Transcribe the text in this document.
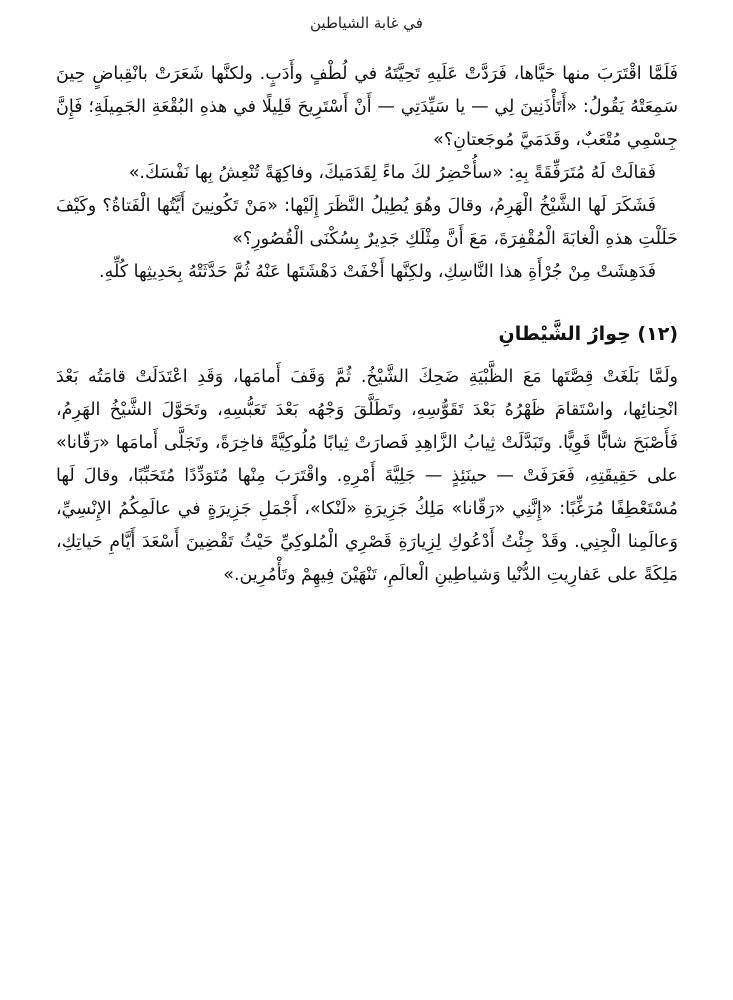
في غابة الشياطين

فَلَمَّا اقْتَرَبَ منها حَيَّاها، فَرَدَّتْ عَلَيهِ تَحِيَّتَهُ في لُطْفٍ وأَدَبٍ. ولكنَّها شَعَرَتْ بانْقِباضٍ حِينَ سَمِعَتْهُ يَقُولُ: «أَتَأْذَنِينَ لِي — يا سَيِّدَتِي — أَنْ أَسْتَرِيحَ قَلِيلًا في هذهِ البُقْعَةِ الجَمِيلَةِ؛ فَإِنَّ جِسْمِي مُتْعَبٌ، وقَدَمَيَّ مُوجَعتانِ؟»

فَقالَتْ لَهُ مُتَرَفِّقَةً بِهِ: «سأُحْضِرُ لكَ ماءً لِقَدَمَيكَ، وفاكِهَةً تُنْعِشُ بِها نَفْسَكَ.»

فَشَكَرَ لَها الشَّيْخُ الْهَرِمُ، وقالَ وهُوَ يُطِيلُ النَّظَرَ إِلَيْها: «مَنْ تَكُونِينَ أَيَّتُها الْفَتاةُ؟ وكَيْفَ حَلَلْتِ هذهِ الْغابَةَ الْمُقْفِرَةَ، مَعَ أَنَّ مِثْلَكِ جَدِيرٌ بِسُكْنَى الْقُصُورِ؟»

فَدَهِشَتْ مِنْ جُرْأَةِ هذا النَّاسِكِ، ولكِنَّها أَخْفَتْ دَهْشَتَها عَنْهُ ثُمَّ حَدَّثَتْهُ بِحَدِيثِها كُلِّهِ.

(١٢) حِوارُ الشَّيْطانِ

ولَمَّا بَلَغَتْ قِصَّتَها مَعَ الظَّبْيَةِ ضَحِكَ الشَّيْخُ. ثُمَّ وَقَفَ أَمامَها، وَقَدِ اعْتَدَلَتْ قامَتُه بَعْدَ انْحِنائِها، واسْتَقامَ ظَهْرُهُ بَعْدَ تَقَوُّسِهِ، وتَطَلَّقَ وَجْهُه بَعْدَ تَعَبُّسِهِ، وتَحَوَّلَ الشَّيْخُ الهَرِمُ، فَأَصْبَحَ شابًّا قَوِيًّا. وتَبَدَّلَتْ ثِيابُ الزَّاهِدِ فَصارَتْ ثِيابًا مُلُوكِيَّةً فاخِرَةً، وتَجَلَّى أَمامَها «رَقّانا» على حَقِيقَتِهِ، فَعَرَفَتْ — حينَئِذٍ — جَلِيَّةَ أَمْرِهِ. واقْتَرَبَ مِنْها مُتَوَدِّدًا مُتَحَبِّبًا، وقالَ لَها مُسْتَعْطِفًا مُرَغِّبًا: «إِنَّنِي «رَقّانا» مَلِكُ جَزِيرَةِ «لَنْكا»، أَجْمَلِ جَزِيرَةٍ في عالَمِكُمُ الإِنْسِيِّ، وَعالَمِنا الْجِنِي. وقَدْ جِئْتُ أَدْعُوكِ لِزِيارَةِ قَصْرِي الْمُلوكِيِّ حَيْثُ تَقْضِينَ أَسْعَدَ أَيَّامِ حَياتِكِ، مَلِكَةً على عَفارِيتِ الدُّنْيا وَشياطِينِ الْعالَمِ، تَنْهَيْنَ فِيهِمْ وتَأْمُرِين.»
